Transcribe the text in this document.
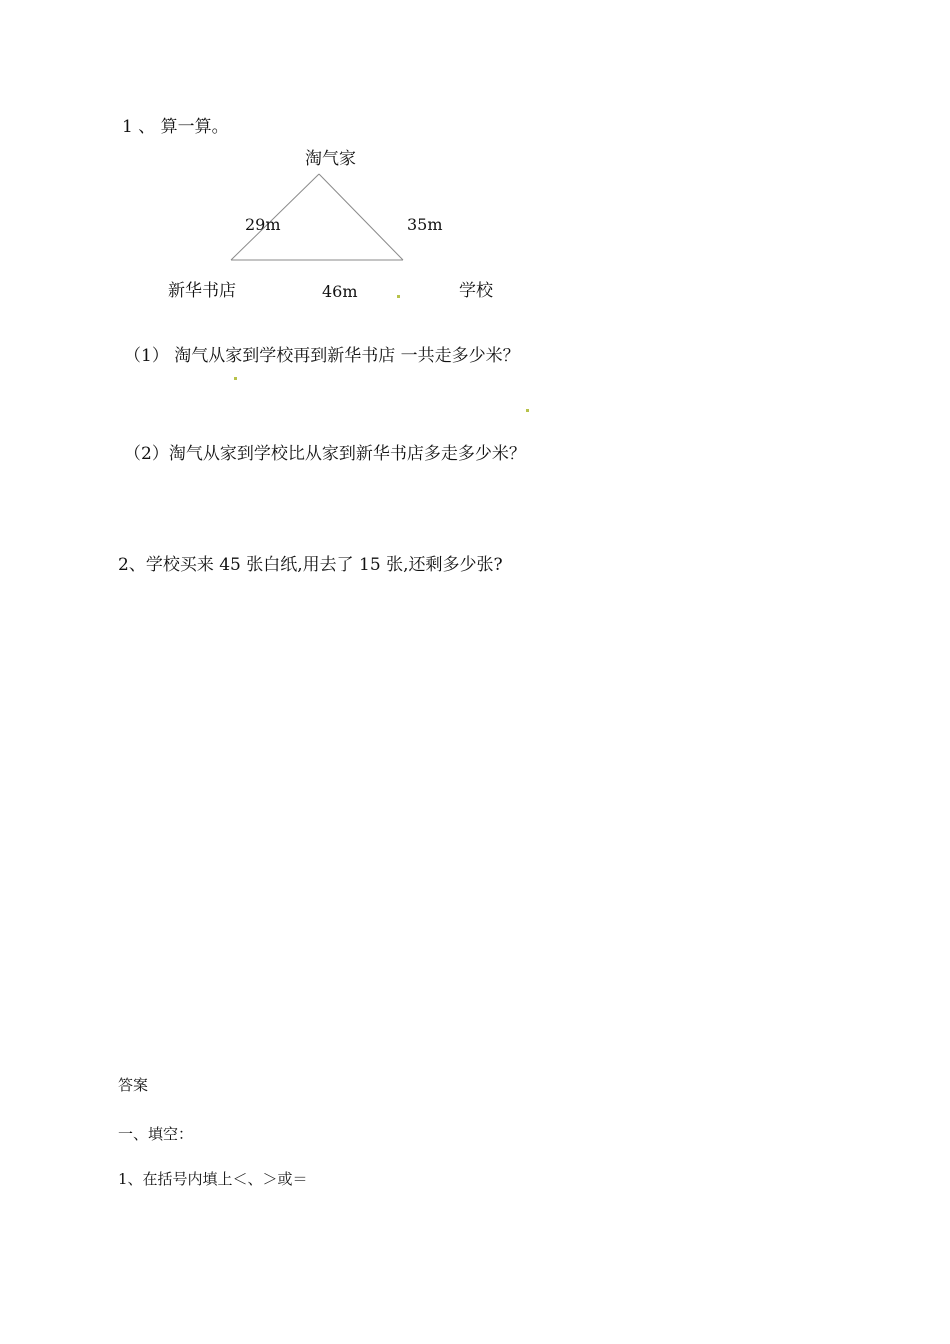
1 、 算一算。
淘气家
29m	35m
新华书店	46m	学校
（1） 淘气从家到学校再到新华书店 一共走多少米？
（2）淘气从家到学校比从家到新华书店多走多少米？
2、学校买来 45 张白纸,用去了 15 张,还剩多少张?
答案
一、填空：
1、在括号内填上＜、＞或＝
